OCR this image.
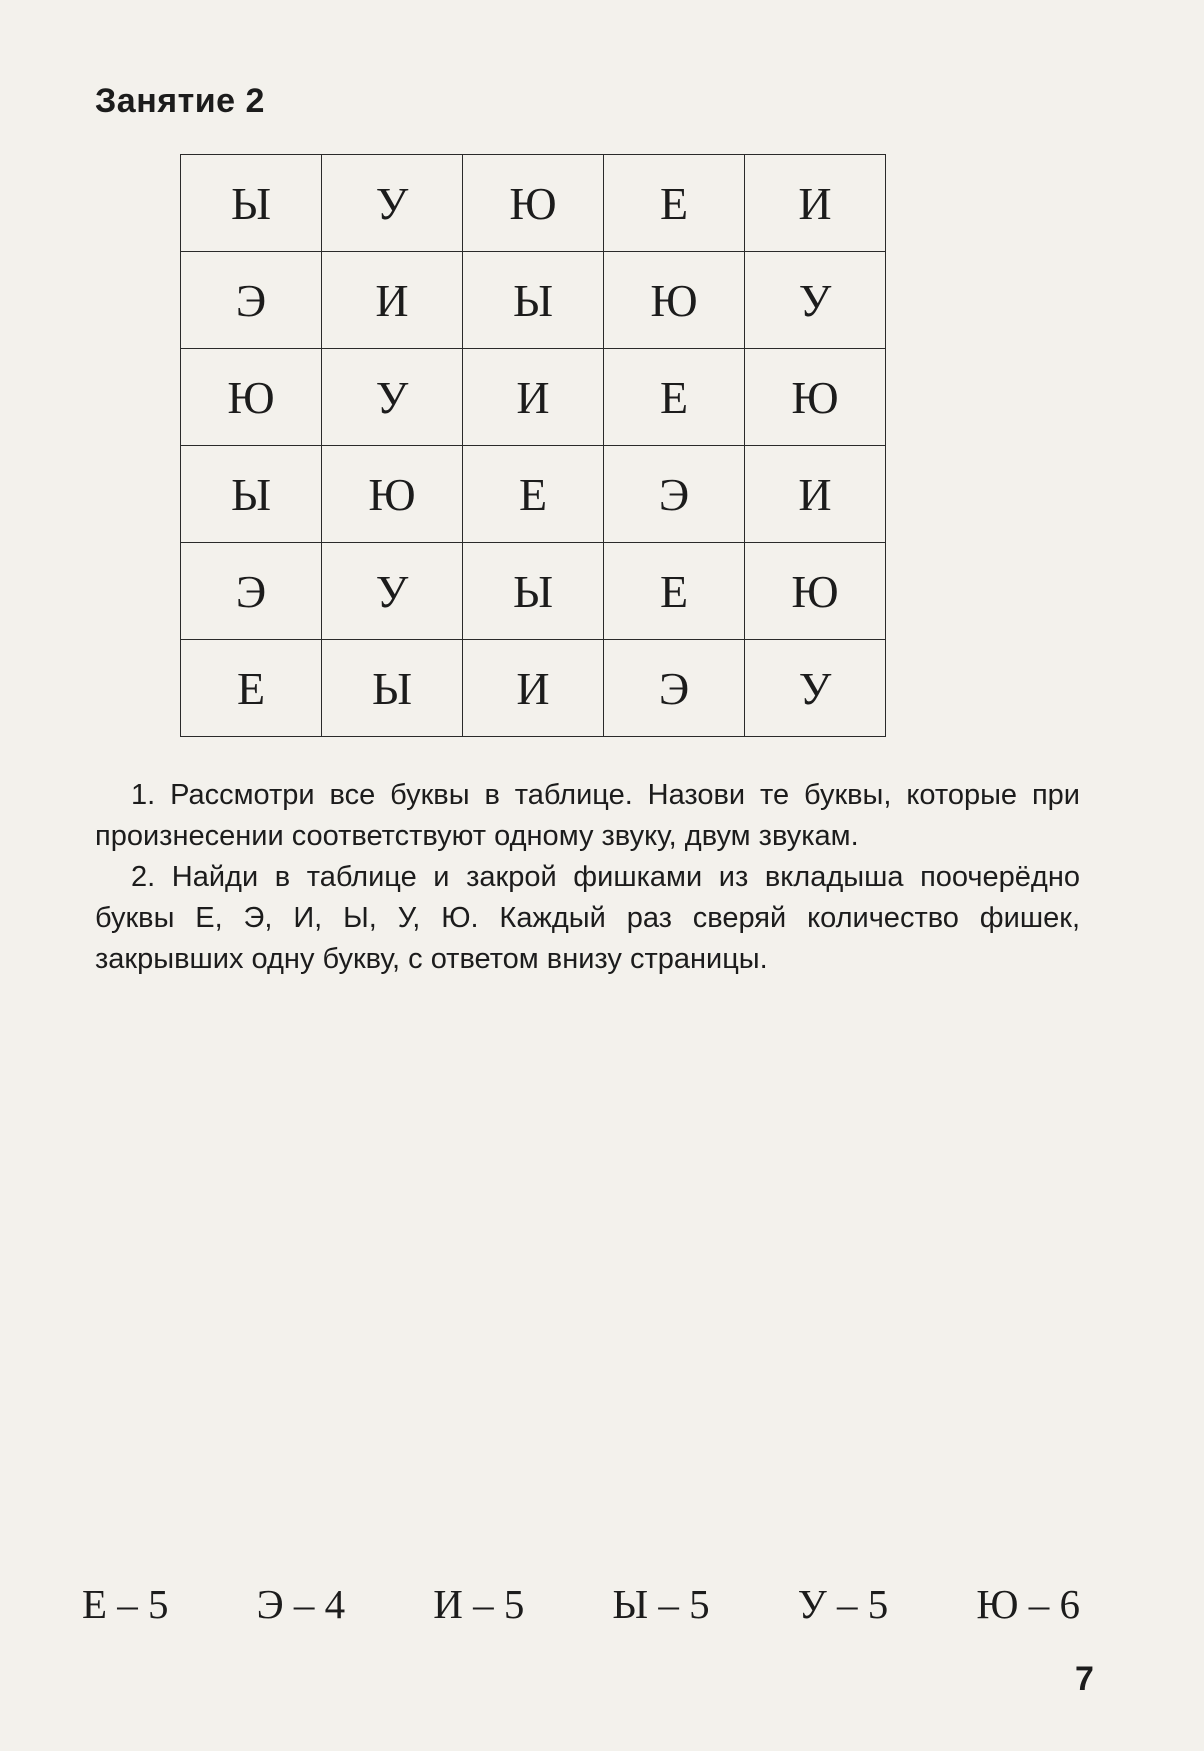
Занятие 2
Ы	У	Ю	Е	И
Э	И	Ы	Ю	У
Ю	У	И	Е	Ю
Ы	Ю	Е	Э	И
Э	У	Ы	Е	Ю
Е	Ы	И	Э	У

1. Рассмотри все буквы в таблице. Назови те буквы, которые при произнесении соответствуют одному звуку, двум звукам.

2. Найди в таблице и закрой фишками из вкладыша поочерёдно буквы Е, Э, И, Ы, У, Ю. Каждый раз сверяй количество фишек, закрывших одну букву, с ответом внизу страницы.

Е – 5 Э – 4 И – 5 Ы – 5 У – 5 Ю – 6
7
